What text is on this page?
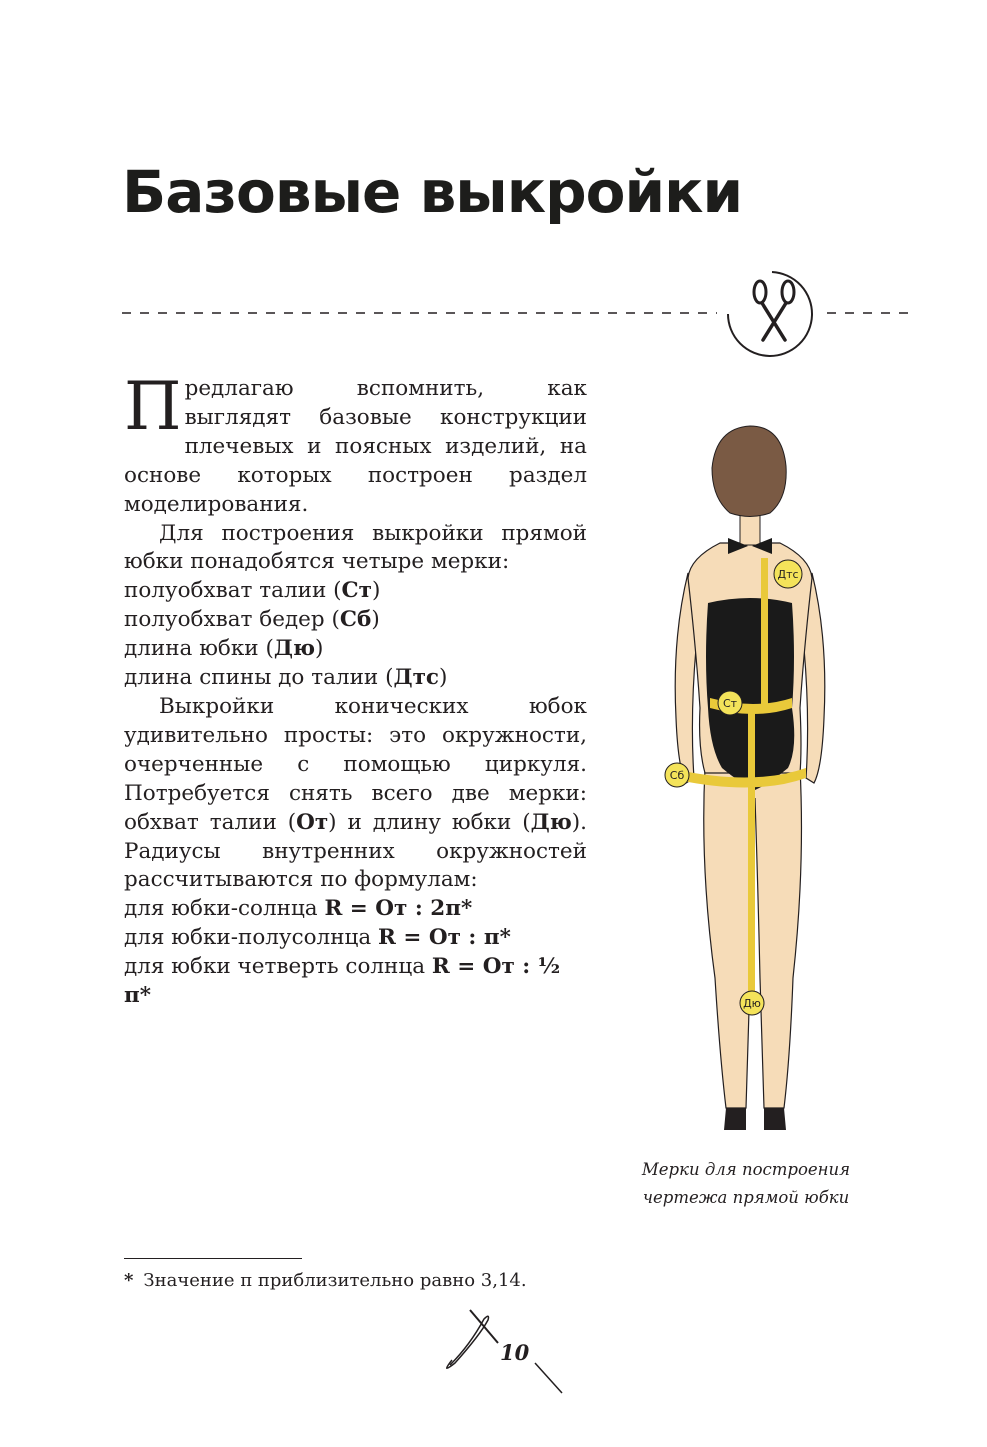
Базовые выкройки

Предлагаю вспомнить, как выглядят базовые конструкции плечевых и поясных изделий, на основе которых построен раздел моделирования.

Для построения выкройки прямой юбки понадобятся четыре мерки:

полуобхват талии (Ст)

полуобхват бедер (Сб)

длина юбки (Дю)

длина спины до талии (Дтс)

Выкройки конических юбок удивительно просты: это окружности, очерченные с помощью циркуля. Потребуется снять всего две мерки: обхват талии (От) и длину юбки (Дю). Радиусы внутренних окружностей рассчитываются по формулам:

для юбки-солнца R = От : 2π*

для юбки-полусолнца R = От : π*

для юбки четверть солнца R = От : ½ π*

Дтс
Ст
Сб
Дю
Мерки для построения
чертежа прямой юбки
* Значение π приблизительно равно 3,14.
10
